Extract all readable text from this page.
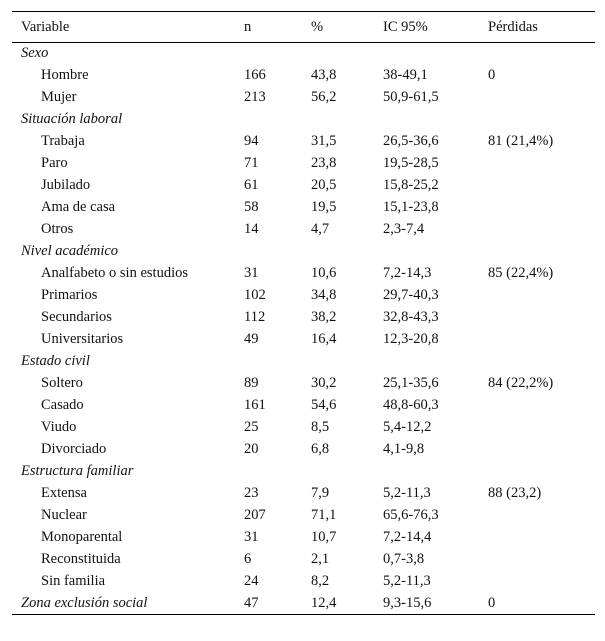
Variable	n	%	IC 95%	Pérdidas
Sexo				
Hombre	166	43,8	38-49,1	0
Mujer	213	56,2	50,9-61,5	
Situación laboral				
Trabaja	94	31,5	26,5-36,6	81 (21,4%)
Paro	71	23,8	19,5-28,5	
Jubilado	61	20,5	15,8-25,2	
Ama de casa	58	19,5	15,1-23,8	
Otros	14	4,7	2,3-7,4	
Nivel académico				
Analfabeto o sin estudios	31	10,6	7,2-14,3	85 (22,4%)
Primarios	102	34,8	29,7-40,3	
Secundarios	112	38,2	32,8-43,3	
Universitarios	49	16,4	12,3-20,8	
Estado civil				
Soltero	89	30,2	25,1-35,6	84 (22,2%)
Casado	161	54,6	48,8-60,3	
Viudo	25	8,5	5,4-12,2	
Divorciado	20	6,8	4,1-9,8	
Estructura familiar				
Extensa	23	7,9	5,2-11,3	88 (23,2)
Nuclear	207	71,1	65,6-76,3	
Monoparental	31	10,7	7,2-14,4	
Reconstituida	6	2,1	0,7-3,8	
Sin familia	24	8,2	5,2-11,3	
Zona exclusión social	47	12,4	9,3-15,6	0
